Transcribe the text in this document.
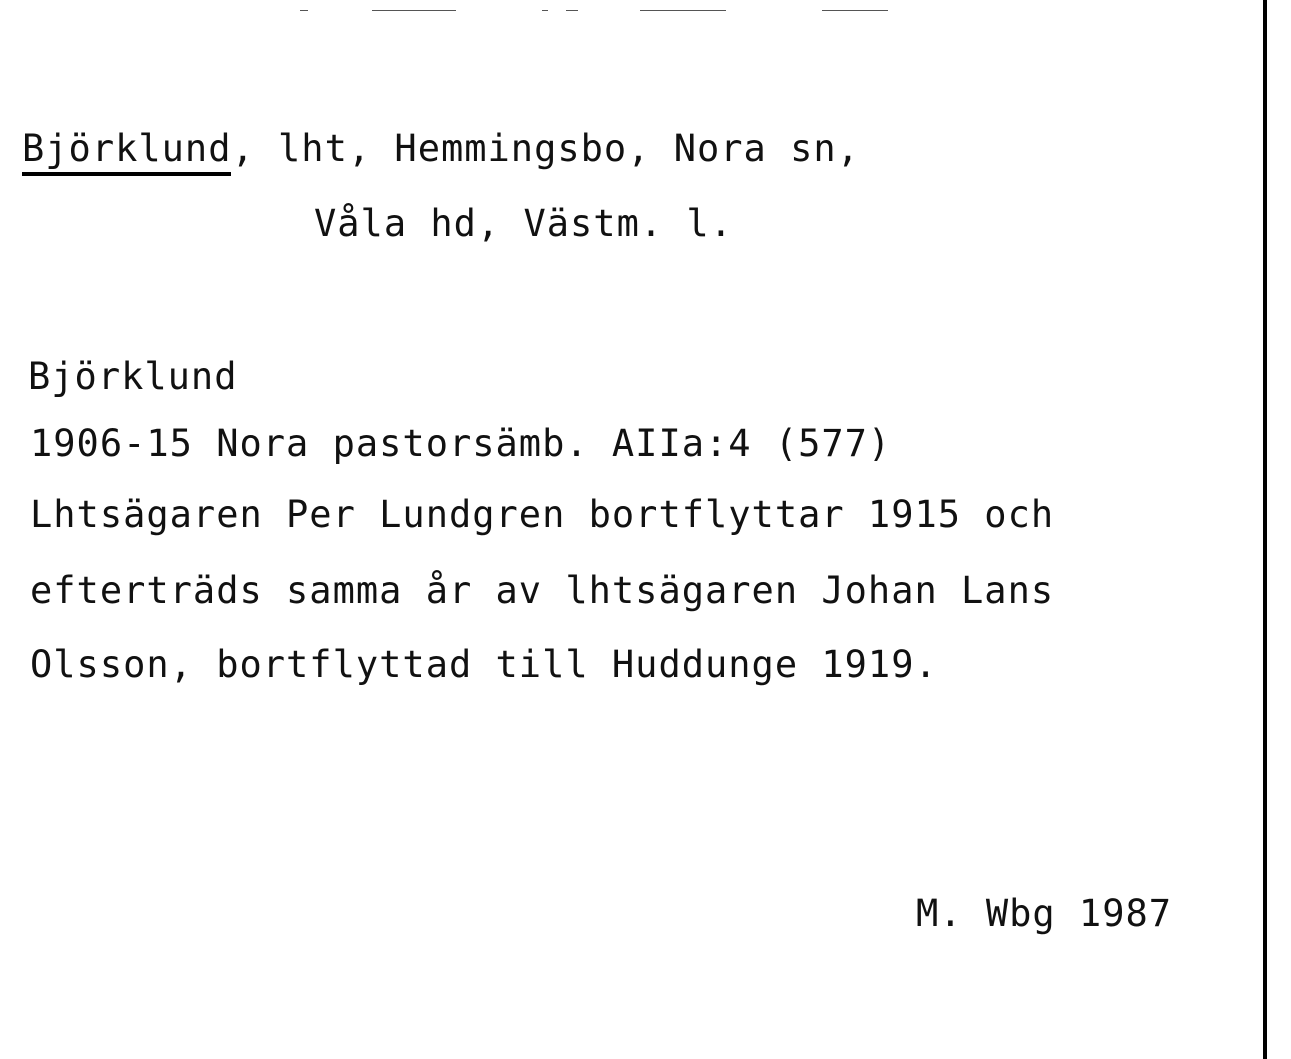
Björklund, lht, Hemmingsbo, Nora sn,
Våla hd, Västm. l.
Björklund
1906-15 Nora pastorsämb. AIIa:4 (577)
Lhtsägaren Per Lundgren bortflyttar 1915 och
efterträds samma år av lhtsägaren Johan Lans
Olsson, bortflyttad till Huddunge 1919.
M. Wbg 1987
